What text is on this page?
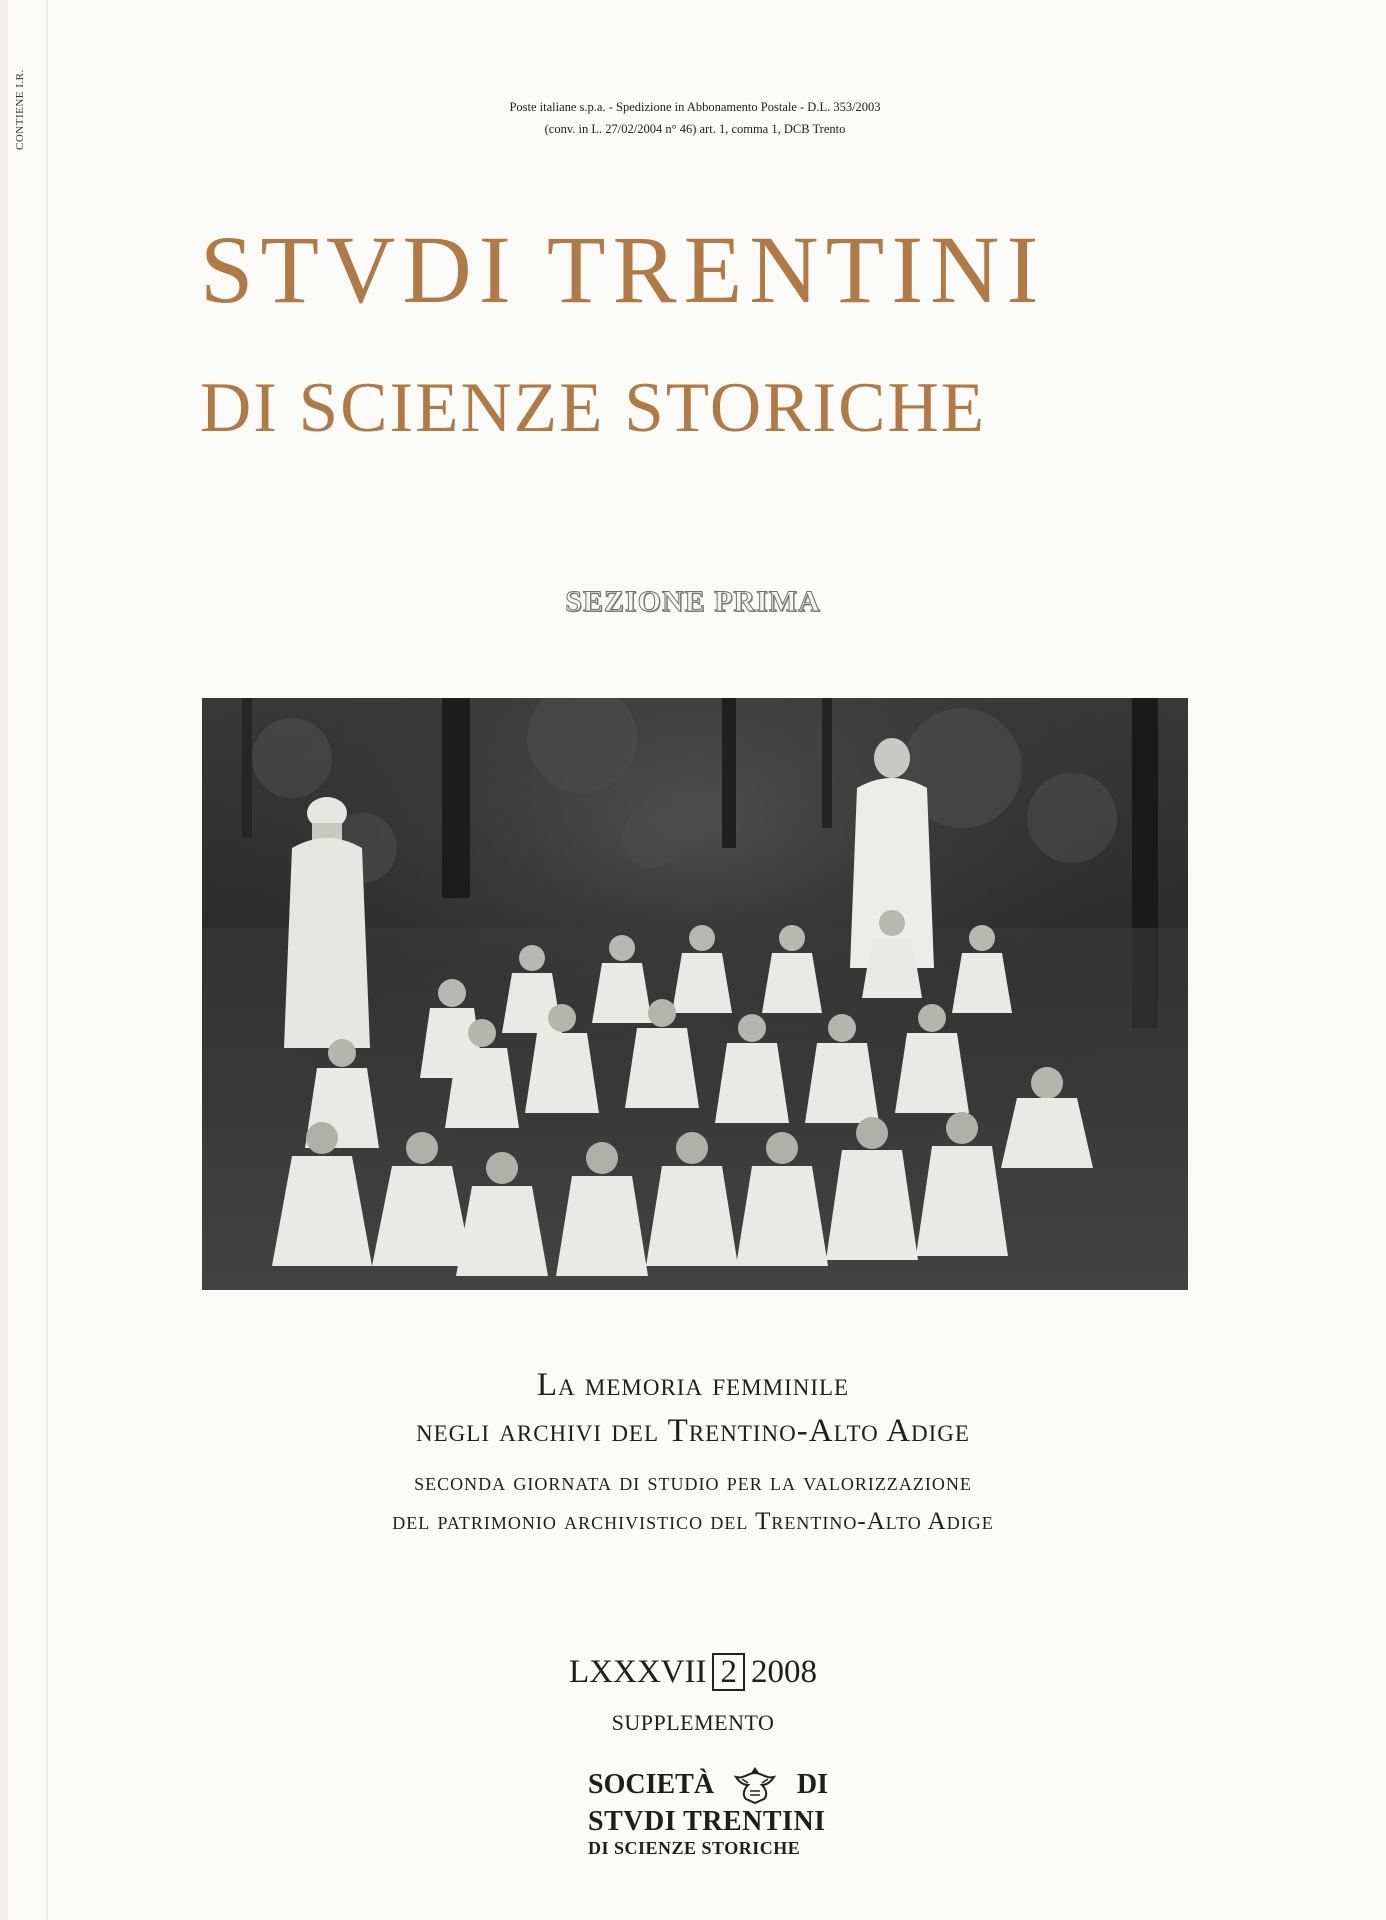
CONTIENE I.R.	Poste italiane s.p.a. - Spedizione in Abbonamento Postale - D.L. 353/2003
(conv. in L. 27/02/2004 n° 46) art. 1, comma 1, DCB Trento
STVDI TRENTINI
DI SCIENZE STORICHE
SEZIONE PRIMA
La memoria femminile
negli archivi del Trentino-Alto Adige
seconda giornata di studio per la valorizzazione
del patrimonio archivistico del Trentino-Alto Adige
LXXXVII 2 2008
SUPPLEMENTO
SOCIETÀ	DI
STVDI TRENTINI
DI SCIENZE STORICHE
